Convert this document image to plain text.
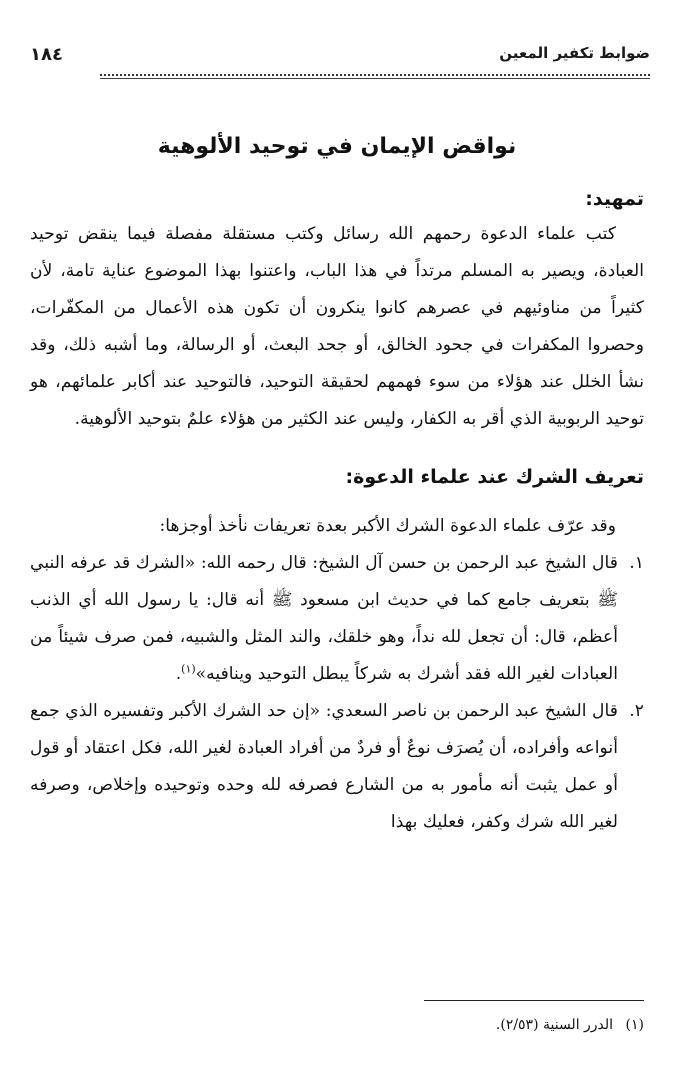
ضوابط تكفير المعين
١٨٤
نواقض الإيمان في توحيد الألوهية
تمهيد:

كتب علماء الدعوة رحمهم الله رسائل وكتب مستقلة مفصلة فيما ينقض توحيد العبادة، ويصير به المسلم مرتداً في هذا الباب، واعتنوا بهذا الموضوع عناية تامة، لأن كثيراً من مناوئيهم في عصرهم كانوا ينكرون أن تكون هذه الأعمال من المكفّرات، وحصروا المكفرات في جحود الخالق، أو جحد البعث، أو الرسالة، وما أشبه ذلك، وقد نشأ الخلل عند هؤلاء من سوء فهمهم لحقيقة التوحيد، فالتوحيد عند أكابر علمائهم، هو توحيد الربوبية الذي أقر به الكفار، وليس عند الكثير من هؤلاء علمٌ بتوحيد الألوهية.

تعريف الشرك عند علماء الدعوة:

وقد عرّف علماء الدعوة الشرك الأكبر بعدة تعريفات نأخذ أوجزها:

١.

قال الشيخ عبد الرحمن بن حسن آل الشيخ: قال رحمه الله: «الشرك قد عرفه النبي ﷺ بتعريف جامع كما في حديث ابن مسعود ﷺ أنه قال: يا رسول الله أي الذنب أعظم، قال: أن تجعل لله نداً، وهو خلقك، والند المثل والشبيه، فمن صرف شيئاً من العبادات لغير الله فقد أشرك به شركاً يبطل التوحيد وينافيه»$^{(١)}$.

٢.

قال الشيخ عبد الرحمن بن ناصر السعدي: «إن حد الشرك الأكبر وتفسيره الذي جمع أنواعه وأفراده، أن يُصرَف نوعٌ أو فردٌ من أفراد العبادة لغير الله، فكل اعتقاد أو قول أو عمل يثبت أنه مأمور به من الشارع فصرفه لله وحده وتوحيده وإخلاص، وصرفه لغير الله شرك وكفر، فعليك بهذا

(١) الدرر السنية (٢/٥٣).
